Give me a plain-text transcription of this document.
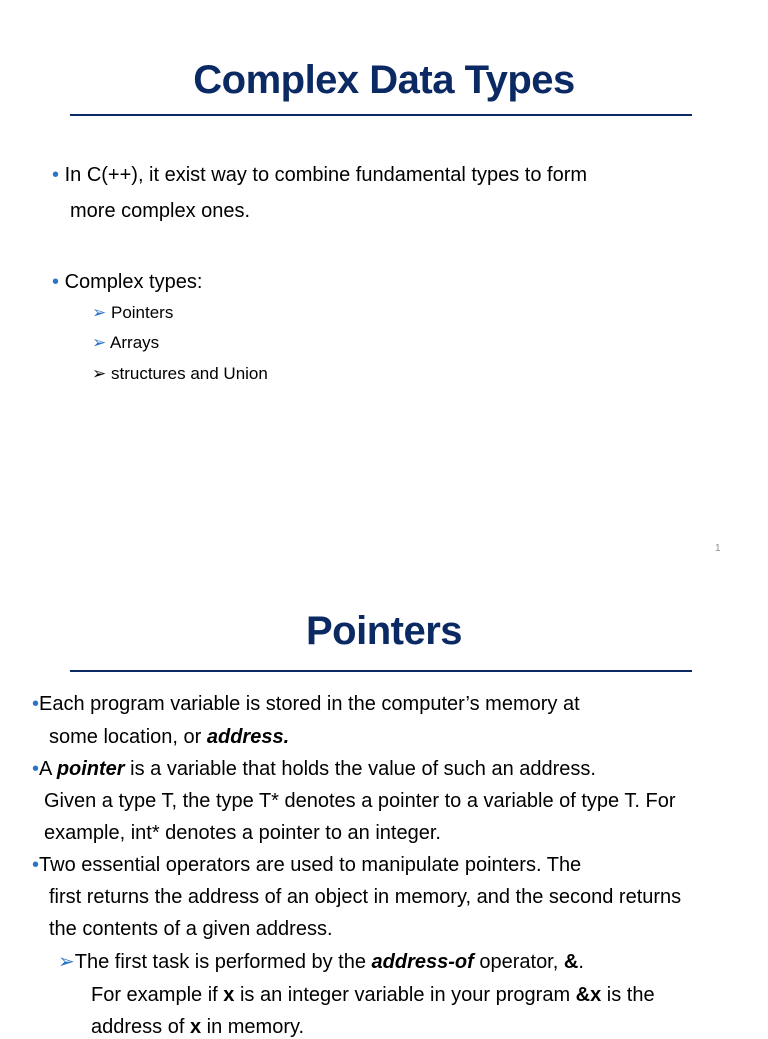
Complex Data Types
• In C(++), it exist way to combine fundamental types to form
more complex ones.
• Complex types:
➢ Pointers
➢ Arrays
➢ structures and Union
1
Pointers
•Each program variable is stored in the computer’s memory at
some location, or address.
•A pointer is a variable that holds the value of such an address.
Given a type T, the type T* denotes a pointer to a variable of type T. For
example, int* denotes a pointer to an integer.
•Two essential operators are used to manipulate pointers. The
first returns the address of an object in memory, and the second returns
the contents of a given address.
➢The first task is performed by the address-of operator, &.
For example if x is an integer variable in your program &x is the
address of x in memory.
